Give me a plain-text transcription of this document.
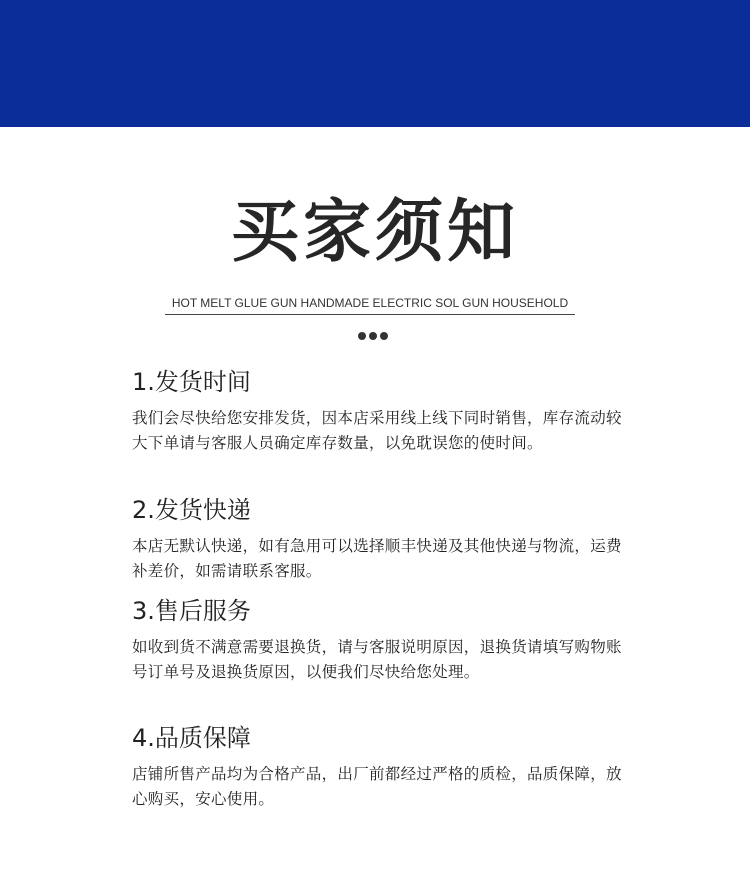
买家须知
HOT MELT GLUE GUN HANDMADE ELECTRIC SOL GUN HOUSEHOLD
1.发货时间

我们会尽快给您安排发货，因本店采用线上线下同时销售，库存流动较大下单请与客服人员确定库存数量，以免耽误您的使时间。

2.发货快递

本店无默认快递，如有急用可以选择顺丰快递及其他快递与物流，运费补差价，如需请联系客服。

3.售后服务

如收到货不满意需要退换货，请与客服说明原因，退换货请填写购物账号订单号及退换货原因，以便我们尽快给您处理。

4.品质保障

店铺所售产品均为合格产品，出厂前都经过严格的质检，品质保障，放心购买，安心使用。
